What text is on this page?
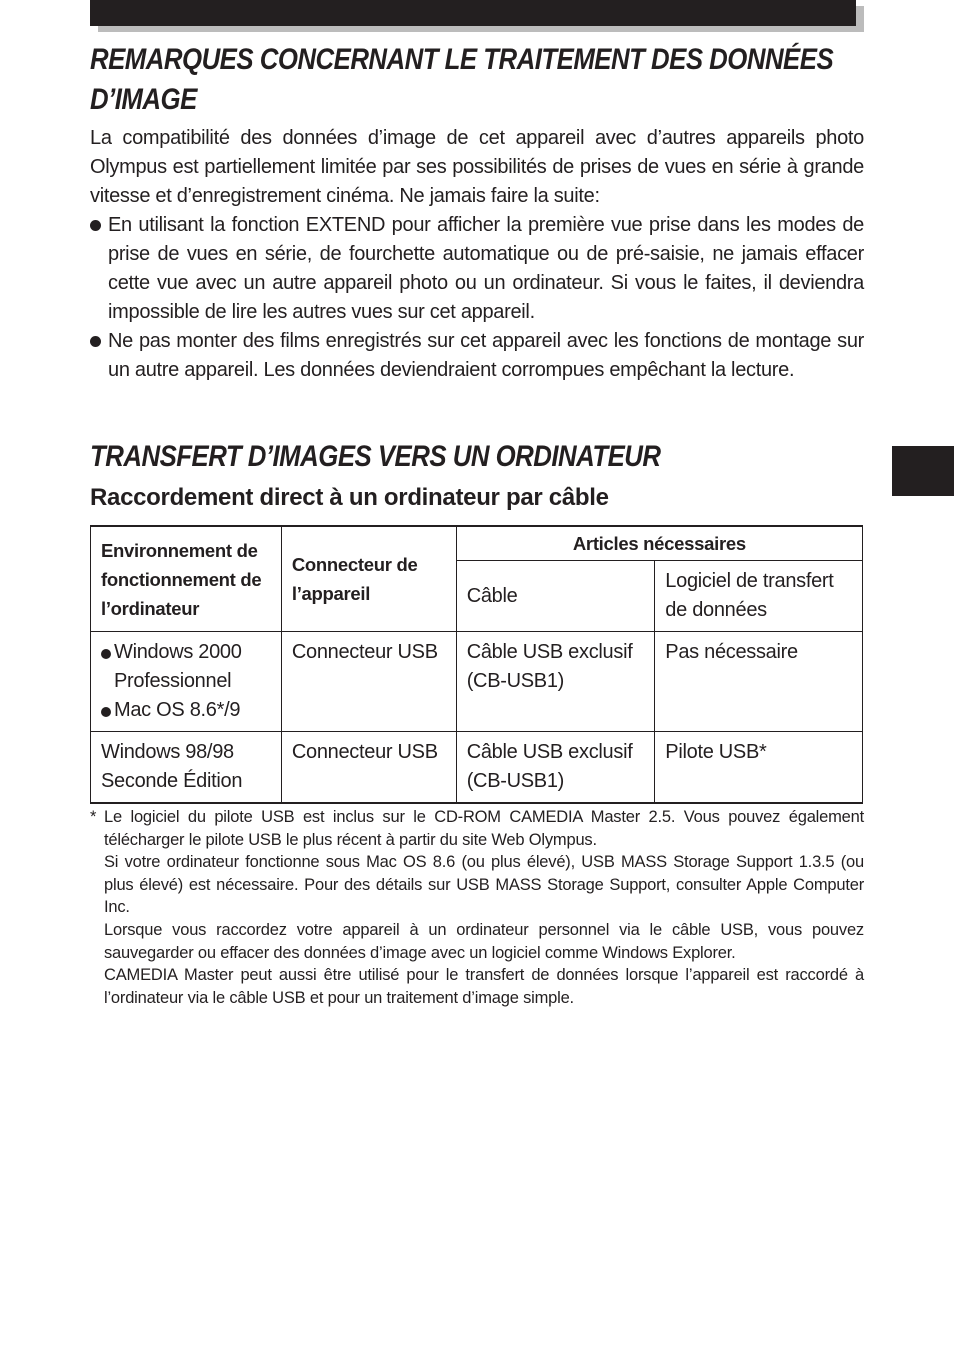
REMARQUES CONCERNANT LE TRAITEMENT DES DONNÉES
D’IMAGE

La compatibilité des données d’image de cet appareil avec d’autres appareils photo Olympus est partiellement limitée par ses possibilités de prises de vues en série à grande vitesse et d’enregistrement cinéma. Ne jamais faire la suite:

En utilisant la fonction EXTEND pour afficher la première vue prise dans les modes de prise de vues en série, de fourchette automatique ou de pré-saisie, ne jamais effacer cette vue avec un autre appareil photo ou un ordinateur. Si vous le faites, il deviendra impossible de lire les autres vues sur cet appareil.
Ne pas monter des films enregistrés sur cet appareil avec les fonctions de montage sur un autre appareil. Les données deviendraient corrompues empêchant la lecture.
TRANSFERT D’IMAGES VERS UN ORDINATEUR
Raccordement direct à un ordinateur par câble
Environnement de fonctionnement de l’ordinateur	Connecteur de l’appareil	Articles nécessaires	
		Câble	Logiciel de transfert de données

Windows 2000 Professionnel
Mac OS 8.6*/9	Connecteur USB	Câble USB exclusif (CB-USB1)	Pas nécessaire
Windows 98/98 Seconde Édition	Connecteur USB	Câble USB exclusif (CB-USB1)	Pilote USB*

* Le logiciel du pilote USB est inclus sur le CD-ROM CAMEDIA Master 2.5. Vous pouvez également télécharger le pilote USB le plus récent à partir du site Web Olympus.

Si votre ordinateur fonctionne sous Mac OS 8.6 (ou plus élevé), USB MASS Storage Support 1.3.5 (ou plus élevé) est nécessaire. Pour des détails sur USB MASS Storage Support, consulter Apple Computer Inc.

Lorsque vous raccordez votre appareil à un ordinateur personnel via le câble USB, vous pouvez sauvegarder ou effacer des données d’image avec un logiciel comme Windows Explorer.

CAMEDIA Master peut aussi être utilisé pour le transfert de données lorsque l’appareil est raccordé à l’ordinateur via le câble USB et pour un traitement d’image simple.
